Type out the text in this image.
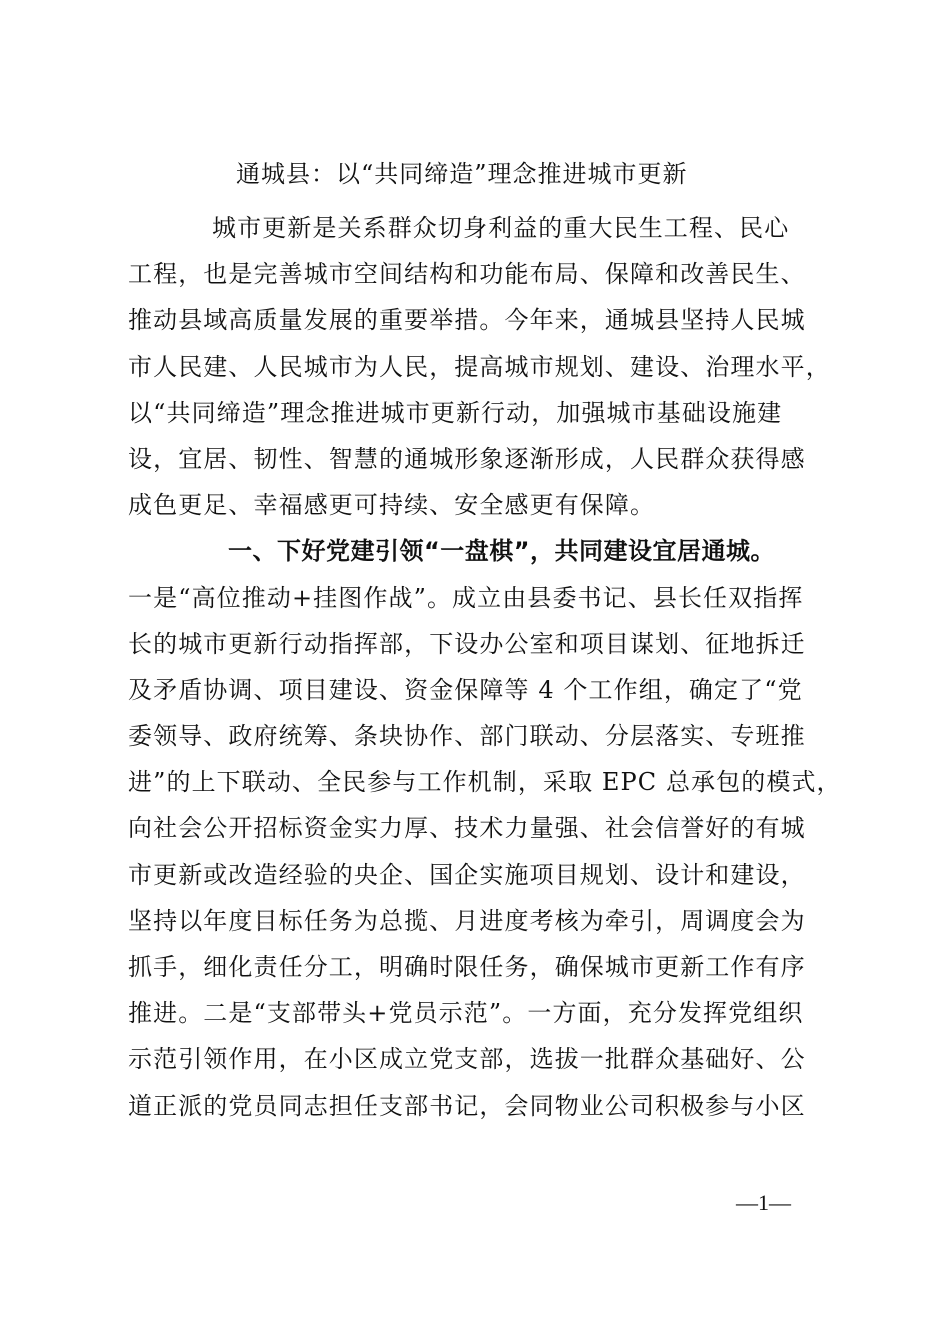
通城县：以“共同缔造”理念推进城市更新
城市更新是关系群众切身利益的重大民生工程、民心
工程，也是完善城市空间结构和功能布局、保障和改善民生、
推动县域高质量发展的重要举措。今年来，通城县坚持人民城
市人民建、人民城市为人民，提高城市规划、建设、治理水平，
以“共同缔造”理念推进城市更新行动，加强城市基础设施建
设，宜居、韧性、智慧的通城形象逐渐形成，人民群众获得感
成色更足、幸福感更可持续、安全感更有保障。
一、下好党建引领“一盘棋”，共同建设宜居通城。
一是“高位推动+挂图作战”。成立由县委书记、县长任双指挥
长的城市更新行动指挥部，下设办公室和项目谋划、征地拆迁
及矛盾协调、项目建设、资金保障等 4 个工作组，确定了“党
委领导、政府统筹、条块协作、部门联动、分层落实、专班推
进”的上下联动、全民参与工作机制，采取 EPC 总承包的模式，
向社会公开招标资金实力厚、技术力量强、社会信誉好的有城
市更新或改造经验的央企、国企实施项目规划、设计和建设，
坚持以年度目标任务为总揽、月进度考核为牵引，周调度会为
抓手，细化责任分工，明确时限任务，确保城市更新工作有序
推进。二是“支部带头+党员示范”。一方面，充分发挥党组织
示范引领作用，在小区成立党支部，选拔一批群众基础好、公
道正派的党员同志担任支部书记，会同物业公司积极参与小区
—1—
